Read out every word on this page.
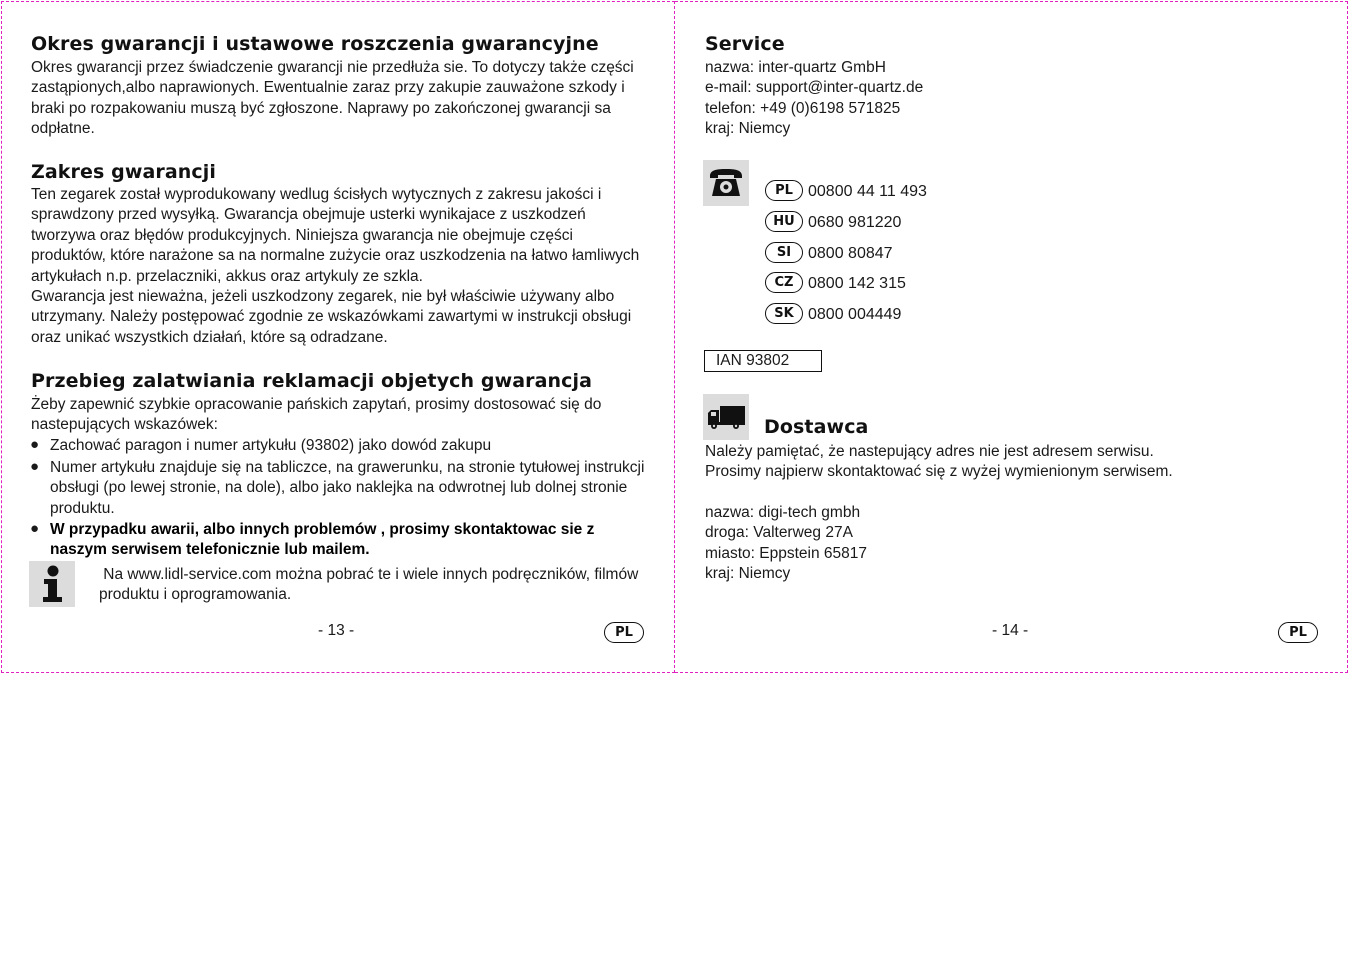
Okres gwarancji i ustawowe roszczenia gwarancyjne
Okres gwarancji przez świadczenie gwarancji nie przedłuża sie. To dotyczy także części
zastąpionych,albo naprawionych. Ewentualnie zaraz przy zakupie zauważone szkody i
braki po rozpakowaniu muszą być zgłoszone. Naprawy po zakończonej gwarancji sa
odpłatne.
Zakres gwarancji
Ten zegarek został wyprodukowany wedlug ścisłych wytycznych z zakresu jakości i
sprawdzony przed wysyłką. Gwarancja obejmuje usterki wynikajace z uszkodzeń
tworzywa oraz błędów produkcyjnych. Niniejsza gwarancja nie obejmuje części
produktów, które narażone sa na normalne zużycie oraz uszkodzenia na łatwo łamliwych
artykułach n.p. przelaczniki, akkus oraz artykuly ze szkla.
Gwarancja jest nieważna, jeżeli uszkodzony zegarek, nie był właściwie używany albo
utrzymany. Należy postępować zgodnie ze wskazówkami zawartymi w instrukcji obsługi
oraz unikać wszystkich działań, które są odradzane.
Przebieg zalatwiania reklamacji objetych gwarancja
Żeby zapewnić szybkie opracowanie pańskich zapytań, prosimy dostosować się do
nastepujących wskazówek:
● Zachować paragon i numer artykułu (93802) jako dowód zakupu
● Numer artykułu znajduje się na tabliczce, na grawerunku, na stronie tytułowej instrukcji
obsługi (po lewej stronie, na dole), albo jako naklejka na odwrotnej lub dolnej stronie
produktu.
● W przypadku awarii, albo innych problemów , prosimy skontaktowac sie z
naszym serwisem telefonicznie lub mailem.
Na www.lidl-service.com można pobrać te i wiele innych podręczników, filmów
produktu i oprogramowania.
- 13 -	PL
Service
nazwa: inter-quartz GmbH
e-mail: support@inter-quartz.de
telefon: +49 (0)6198 571825
kraj: Niemcy
PL 00800 44 11 493
HU 0680 981220
SI	0800 80847
CZ 0800 142 315
SK 0800 004449
IAN 93802
Dostawca
Należy pamiętać, że nastepujący adres nie jest adresem serwisu.
Prosimy najpierw skontaktować się z wyżej wymienionym serwisem.
nazwa: digi-tech gmbh
droga: Valterweg 27A
miasto: Eppstein 65817
kraj: Niemcy
- 14 -	PL
